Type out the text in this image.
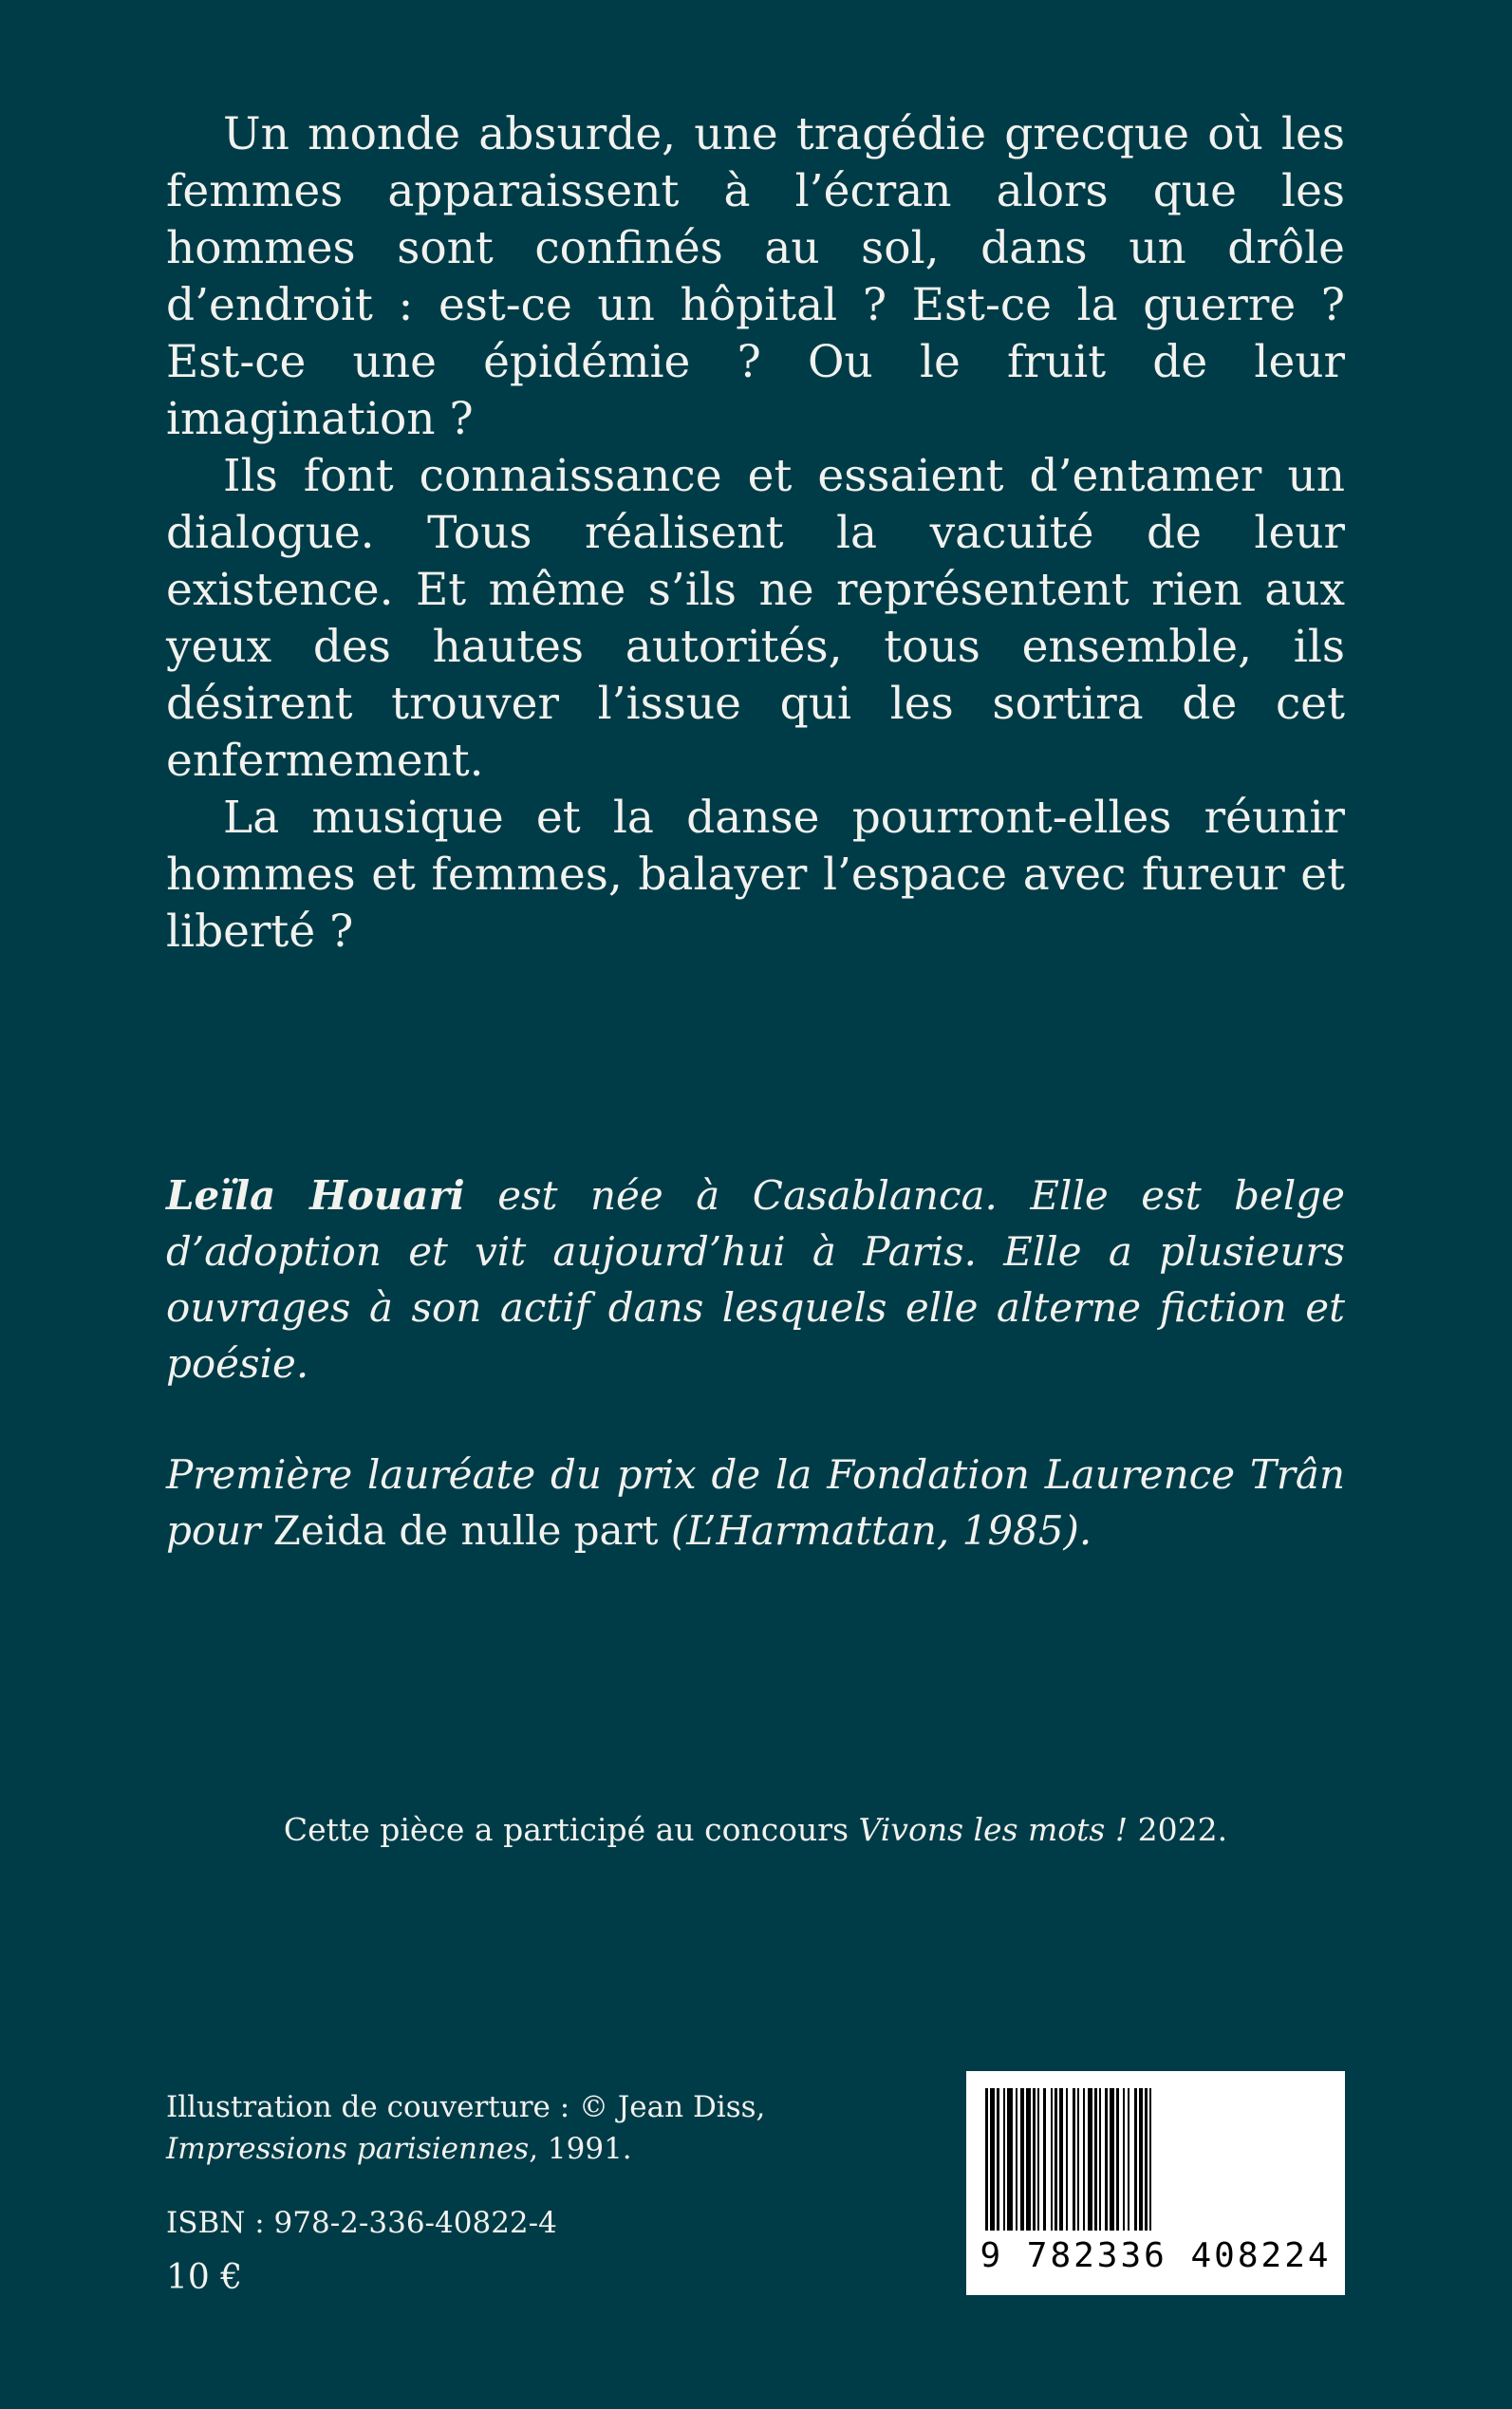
Un monde absurde, une tragédie grecque où les femmes apparaissent à l’écran alors que les hommes sont confinés au sol, dans un drôle d’endroit : est-ce un hôpital ? Est-ce la guerre ? Est-ce une épidémie ? Ou le fruit de leur imagination ?

Ils font connaissance et essaient d’entamer un dialogue. Tous réalisent la vacuité de leur existence. Et même s’ils ne représentent rien aux yeux des hautes autorités, tous ensemble, ils désirent trouver l’issue qui les sortira de cet enfermement.

La musique et la danse pourront-elles réunir hommes et femmes, balayer l’espace avec fureur et liberté ?

Leïla Houari est née à Casablanca. Elle est belge d’adoption et vit aujourd’hui à Paris. Elle a plusieurs ouvrages à son actif dans lesquels elle alterne fiction et poésie.

Première lauréate du prix de la Fondation Laurence Trân pour Zeida de nulle part (L’Harmattan, 1985).

Cette pièce a participé au concours Vivons les mots ! 2022.
Illustration de couverture : © Jean Diss,
Impressions parisiennes, 1991.
ISBN : 978-2-336-40822-4
10 €
9 782336 408224
